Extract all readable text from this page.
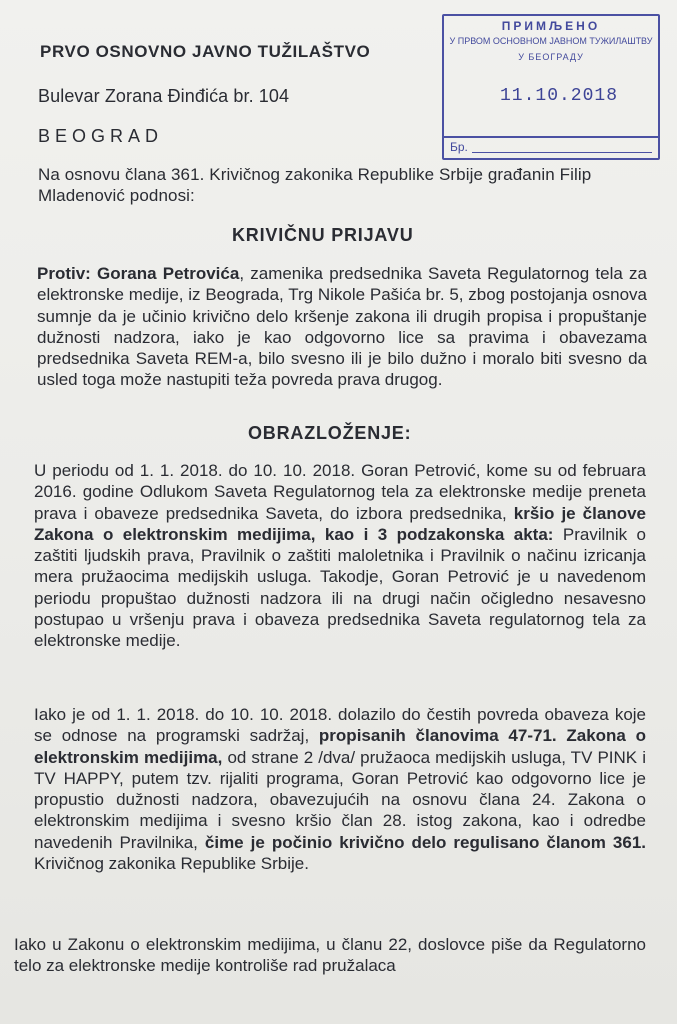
PRVO OSNOVNO JAVNO TUŽILAŠTVO
Bulevar Zorana Đinđića br. 104
BEOGRAD
ПРИМЉЕНО
У ПРВОМ ОСНОВНОМ ЈАВНОМ ТУЖИЛАШТВУ
У БЕОГРАДУ
11.10.2018
Бр.
Na osnovu člana 361. Krivičnog zakonika Republike Srbije građanin Filip
Mladenović podnosi:
KRIVIČNU PRIJAVU
Protiv: Gorana Petrovića, zamenika predsednika Saveta Regulatornog tela za elektronske medije, iz Beograda, Trg Nikole Pašića br. 5, zbog postojanja osnova sumnje da je učinio krivično delo kršenje zakona ili drugih propisa i propuštanje dužnosti nadzora, iako je kao odgovorno lice sa pravima i obavezama predsednika Saveta REM-a, bilo svesno ili je bilo dužno i moralo biti svesno da usled toga može nastupiti teža povreda prava drugog.
OBRAZLOŽENJE:
U periodu od 1. 1. 2018. do 10. 10. 2018. Goran Petrović, kome su od februara 2016. godine Odlukom Saveta Regulatornog tela za elektronske medije preneta prava i obaveze predsednika Saveta, do izbora predsednika, kršio je članove Zakona o elektronskim medijima, kao i 3 podzakonska akta: Pravilnik o zaštiti ljudskih prava, Pravilnik o zaštiti maloletnika i Pravilnik o načinu izricanja mera pružaocima medijskih usluga. Takodje, Goran Petrović je u navedenom periodu propuštao dužnosti nadzora ili na drugi način očigledno nesavesno postupao u vršenju prava i obaveza predsednika Saveta regulatornog tela za elektronske medije.
Iako je od 1. 1. 2018. do 10. 10. 2018. dolazilo do čestih povreda obaveza koje se odnose na programski sadržaj, propisanih članovima 47-71. Zakona o elektronskim medijima, od strane 2 /dva/ pružaoca medijskih usluga, TV PINK i TV HAPPY, putem tzv. rijaliti programa, Goran Petrović kao odgovorno lice je propustio dužnosti nadzora, obavezujućih na osnovu člana 24. Zakona o elektronskim medijima i svesno kršio član 28. istog zakona, kao i odredbe navedenih Pravilnika, čime je počinio krivično delo regulisano članom 361. Krivičnog zakonika Republike Srbije.
Iako u Zakonu o elektronskim medijima, u članu 22, doslovce piše da Regulatorno telo za elektronske medije kontroliše rad pružalaca
